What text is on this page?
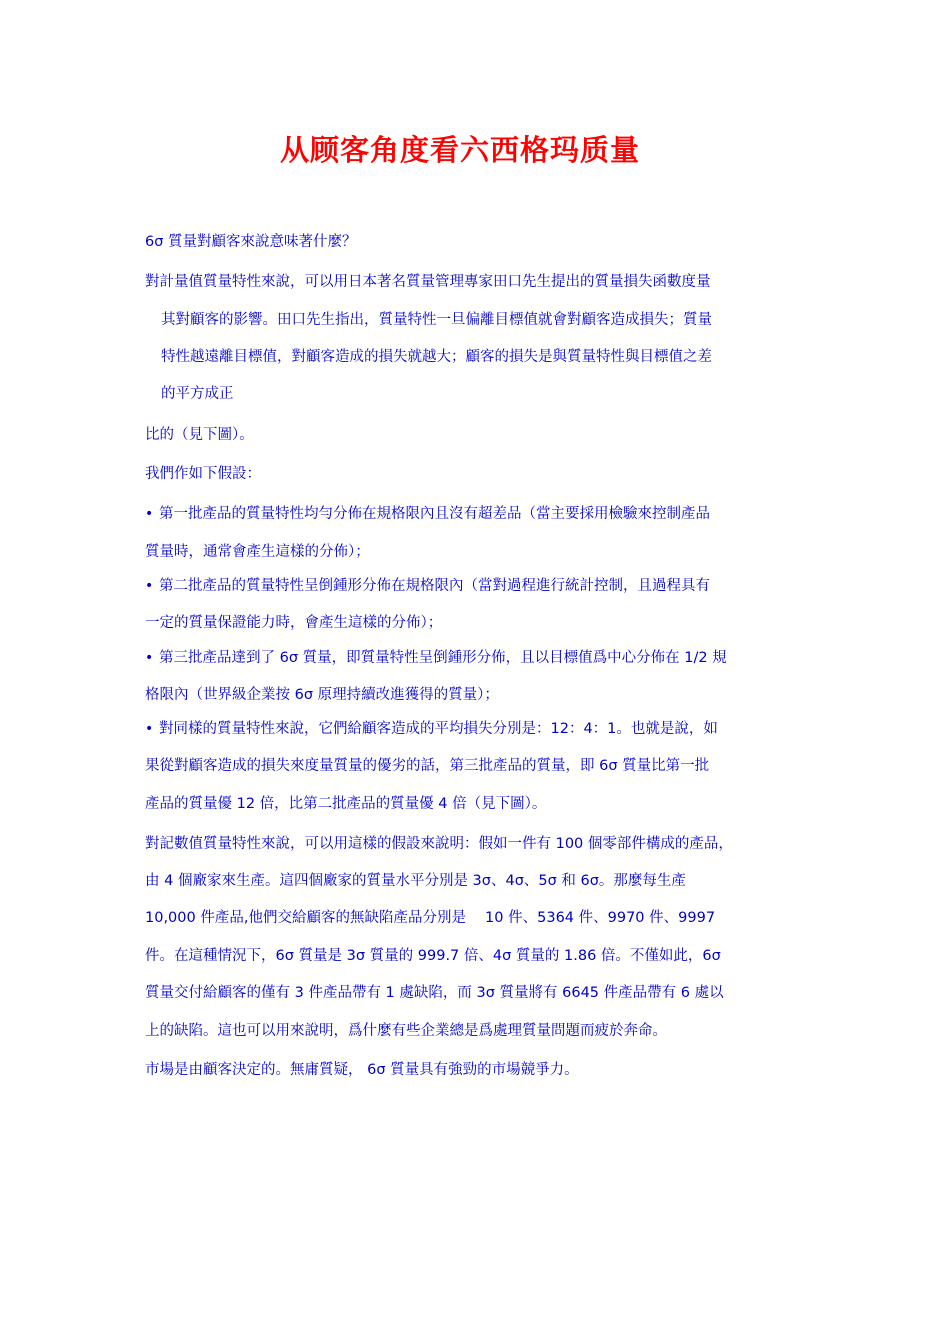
从顾客角度看六西格玛质量
6σ 質量對顧客來說意味著什麼？
對計量值質量特性來說，可以用日本著名質量管理專家田口先生提出的質量損失函數度量
其對顧客的影響。田口先生指出，質量特性一旦偏離目標值就會對顧客造成損失；質量
特性越遠離目標值，對顧客造成的損失就越大；顧客的損失是與質量特性與目標值之差
的平方成正
比的（見下圖）。
我們作如下假設：
• 第一批產品的質量特性均勻分佈在規格限內且沒有超差品（當主要採用檢驗來控制產品
質量時，通常會產生這樣的分佈）；
• 第二批產品的質量特性呈倒鍾形分佈在規格限內（當對過程進行統計控制，且過程具有
一定的質量保證能力時，會產生這樣的分佈）；
• 第三批產品達到了 6σ 質量，即質量特性呈倒鍾形分佈，且以目標值爲中心分佈在 1/2 規
格限內（世界級企業按 6σ 原理持續改進獲得的質量）；
• 對同樣的質量特性來說，它們給顧客造成的平均損失分別是：12：4：1。也就是說，如
果從對顧客造成的損失來度量質量的優劣的話，第三批產品的質量，即 6σ 質量比第一批
產品的質量優 12 倍，比第二批產品的質量優 4 倍（見下圖）。
對記數值質量特性來說，可以用這樣的假設來說明：假如一件有 100 個零部件構成的產品，
由 4 個廠家來生產。這四個廠家的質量水平分別是 3σ、4σ、5σ 和 6σ。那麼每生產
10,000 件產品,他們交給顧客的無缺陷產品分別是　 10 件、5364 件、9970 件、9997
件。在這種情況下，6σ 質量是 3σ 質量的 999.7 倍、4σ 質量的 1.86 倍。不僅如此，6σ
質量交付給顧客的僅有 3 件產品帶有 1 處缺陷，而 3σ 質量將有 6645 件產品帶有 6 處以
上的缺陷。這也可以用來說明，爲什麼有些企業總是爲處理質量問題而疲於奔命。
市場是由顧客決定的。無庸質疑， 6σ 質量具有強勁的市場競爭力。
